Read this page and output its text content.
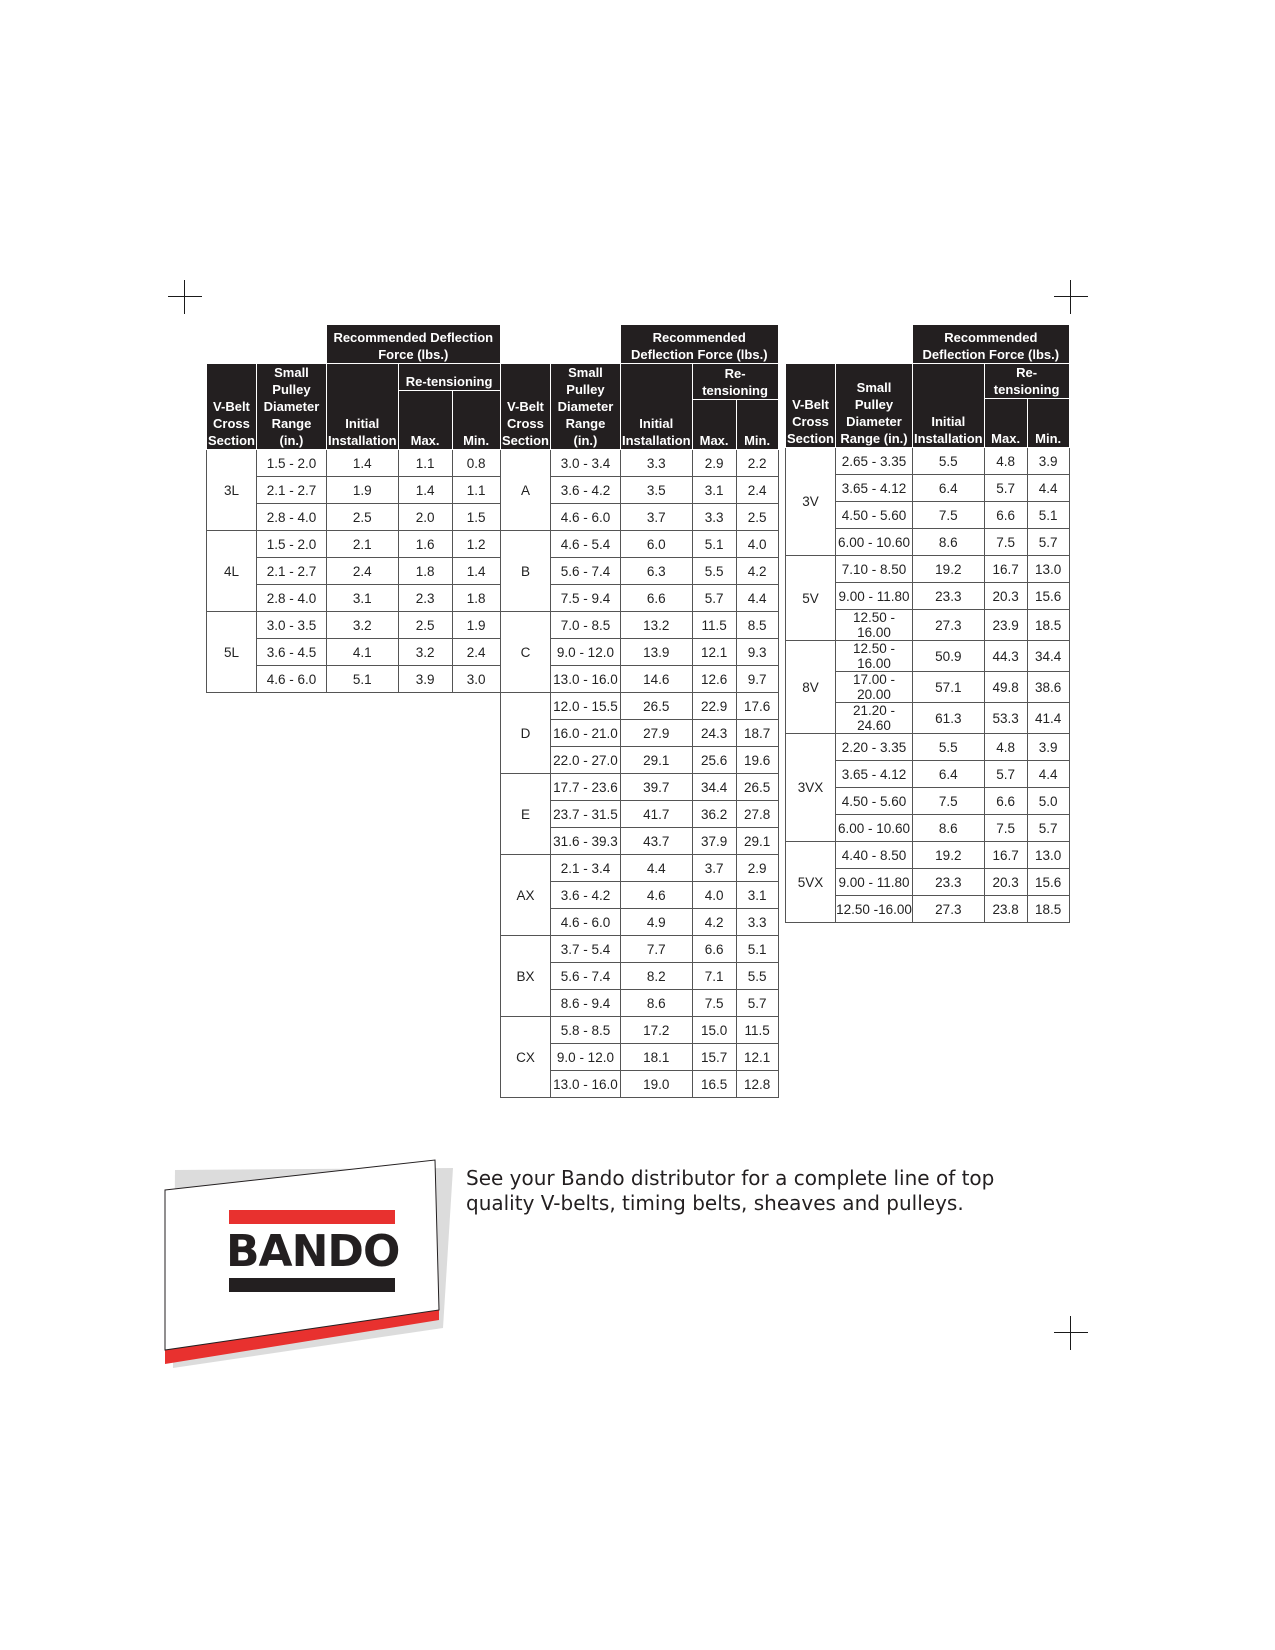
		Recommended Deflection Force (lbs.)		
V-Belt Cross Section	Small Pulley Diameter Range (in.)	Initial Installation	Re-tensioning	
			Max.	Min.
3L	1.5 - 2.0	1.4	1.1	0.8
	2.1 - 2.7	1.9	1.4	1.1
	2.8 - 4.0	2.5	2.0	1.5
4L	1.5 - 2.0	2.1	1.6	1.2
	2.1 - 2.7	2.4	1.8	1.4
	2.8 - 4.0	3.1	2.3	1.8
5L	3.0 - 3.5	3.2	2.5	1.9
	3.6 - 4.5	4.1	3.2	2.4
	4.6 - 6.0	5.1	3.9	3.0
		Recommended Deflection Force (lbs.)		
V-Belt Cross Section	Small Pulley Diameter Range (in.)	Initial Installation	Re-tensioning	
			Max.	Min.
A	3.0 - 3.4	3.3	2.9	2.2
	3.6 - 4.2	3.5	3.1	2.4
	4.6 - 6.0	3.7	3.3	2.5
B	4.6 - 5.4	6.0	5.1	4.0
	5.6 - 7.4	6.3	5.5	4.2
	7.5 - 9.4	6.6	5.7	4.4
C	7.0 - 8.5	13.2	11.5	8.5
	9.0 - 12.0	13.9	12.1	9.3
	13.0 - 16.0	14.6	12.6	9.7
D	12.0 - 15.5	26.5	22.9	17.6
	16.0 - 21.0	27.9	24.3	18.7
	22.0 - 27.0	29.1	25.6	19.6
E	17.7 - 23.6	39.7	34.4	26.5
	23.7 - 31.5	41.7	36.2	27.8
	31.6 - 39.3	43.7	37.9	29.1
AX	2.1 - 3.4	4.4	3.7	2.9
	3.6 - 4.2	4.6	4.0	3.1
	4.6 - 6.0	4.9	4.2	3.3
BX	3.7 - 5.4	7.7	6.6	5.1
	5.6 - 7.4	8.2	7.1	5.5
	8.6 - 9.4	8.6	7.5	5.7
CX	5.8 - 8.5	17.2	15.0	11.5
	9.0 - 12.0	18.1	15.7	12.1
	13.0 - 16.0	19.0	16.5	12.8
		Recommended Deflection Force (lbs.)		
V-Belt Cross Section	Small Pulley Diameter Range (in.)	Initial Installation	Re-tensioning	
			Max.	Min.
3V	2.65 - 3.35	5.5	4.8	3.9
	3.65 - 4.12	6.4	5.7	4.4
	4.50 - 5.60	7.5	6.6	5.1
	6.00 - 10.60	8.6	7.5	5.7
5V	7.10 - 8.50	19.2	16.7	13.0
	9.00 - 11.80	23.3	20.3	15.6
	12.50 - 16.00	27.3	23.9	18.5
8V	12.50 - 16.00	50.9	44.3	34.4
	17.00 - 20.00	57.1	49.8	38.6
	21.20 - 24.60	61.3	53.3	41.4
3VX	2.20 - 3.35	5.5	4.8	3.9
	3.65 - 4.12	6.4	5.7	4.4
	4.50 - 5.60	7.5	6.6	5.0
	6.00 - 10.60	8.6	7.5	5.7
5VX	4.40 - 8.50	19.2	16.7	13.0
	9.00 - 11.80	23.3	20.3	15.6
	12.50 -16.00	27.3	23.8	18.5
See your Bando distributor for a complete line of top quality V-belts, timing belts, sheaves and pulleys.
BANDO
